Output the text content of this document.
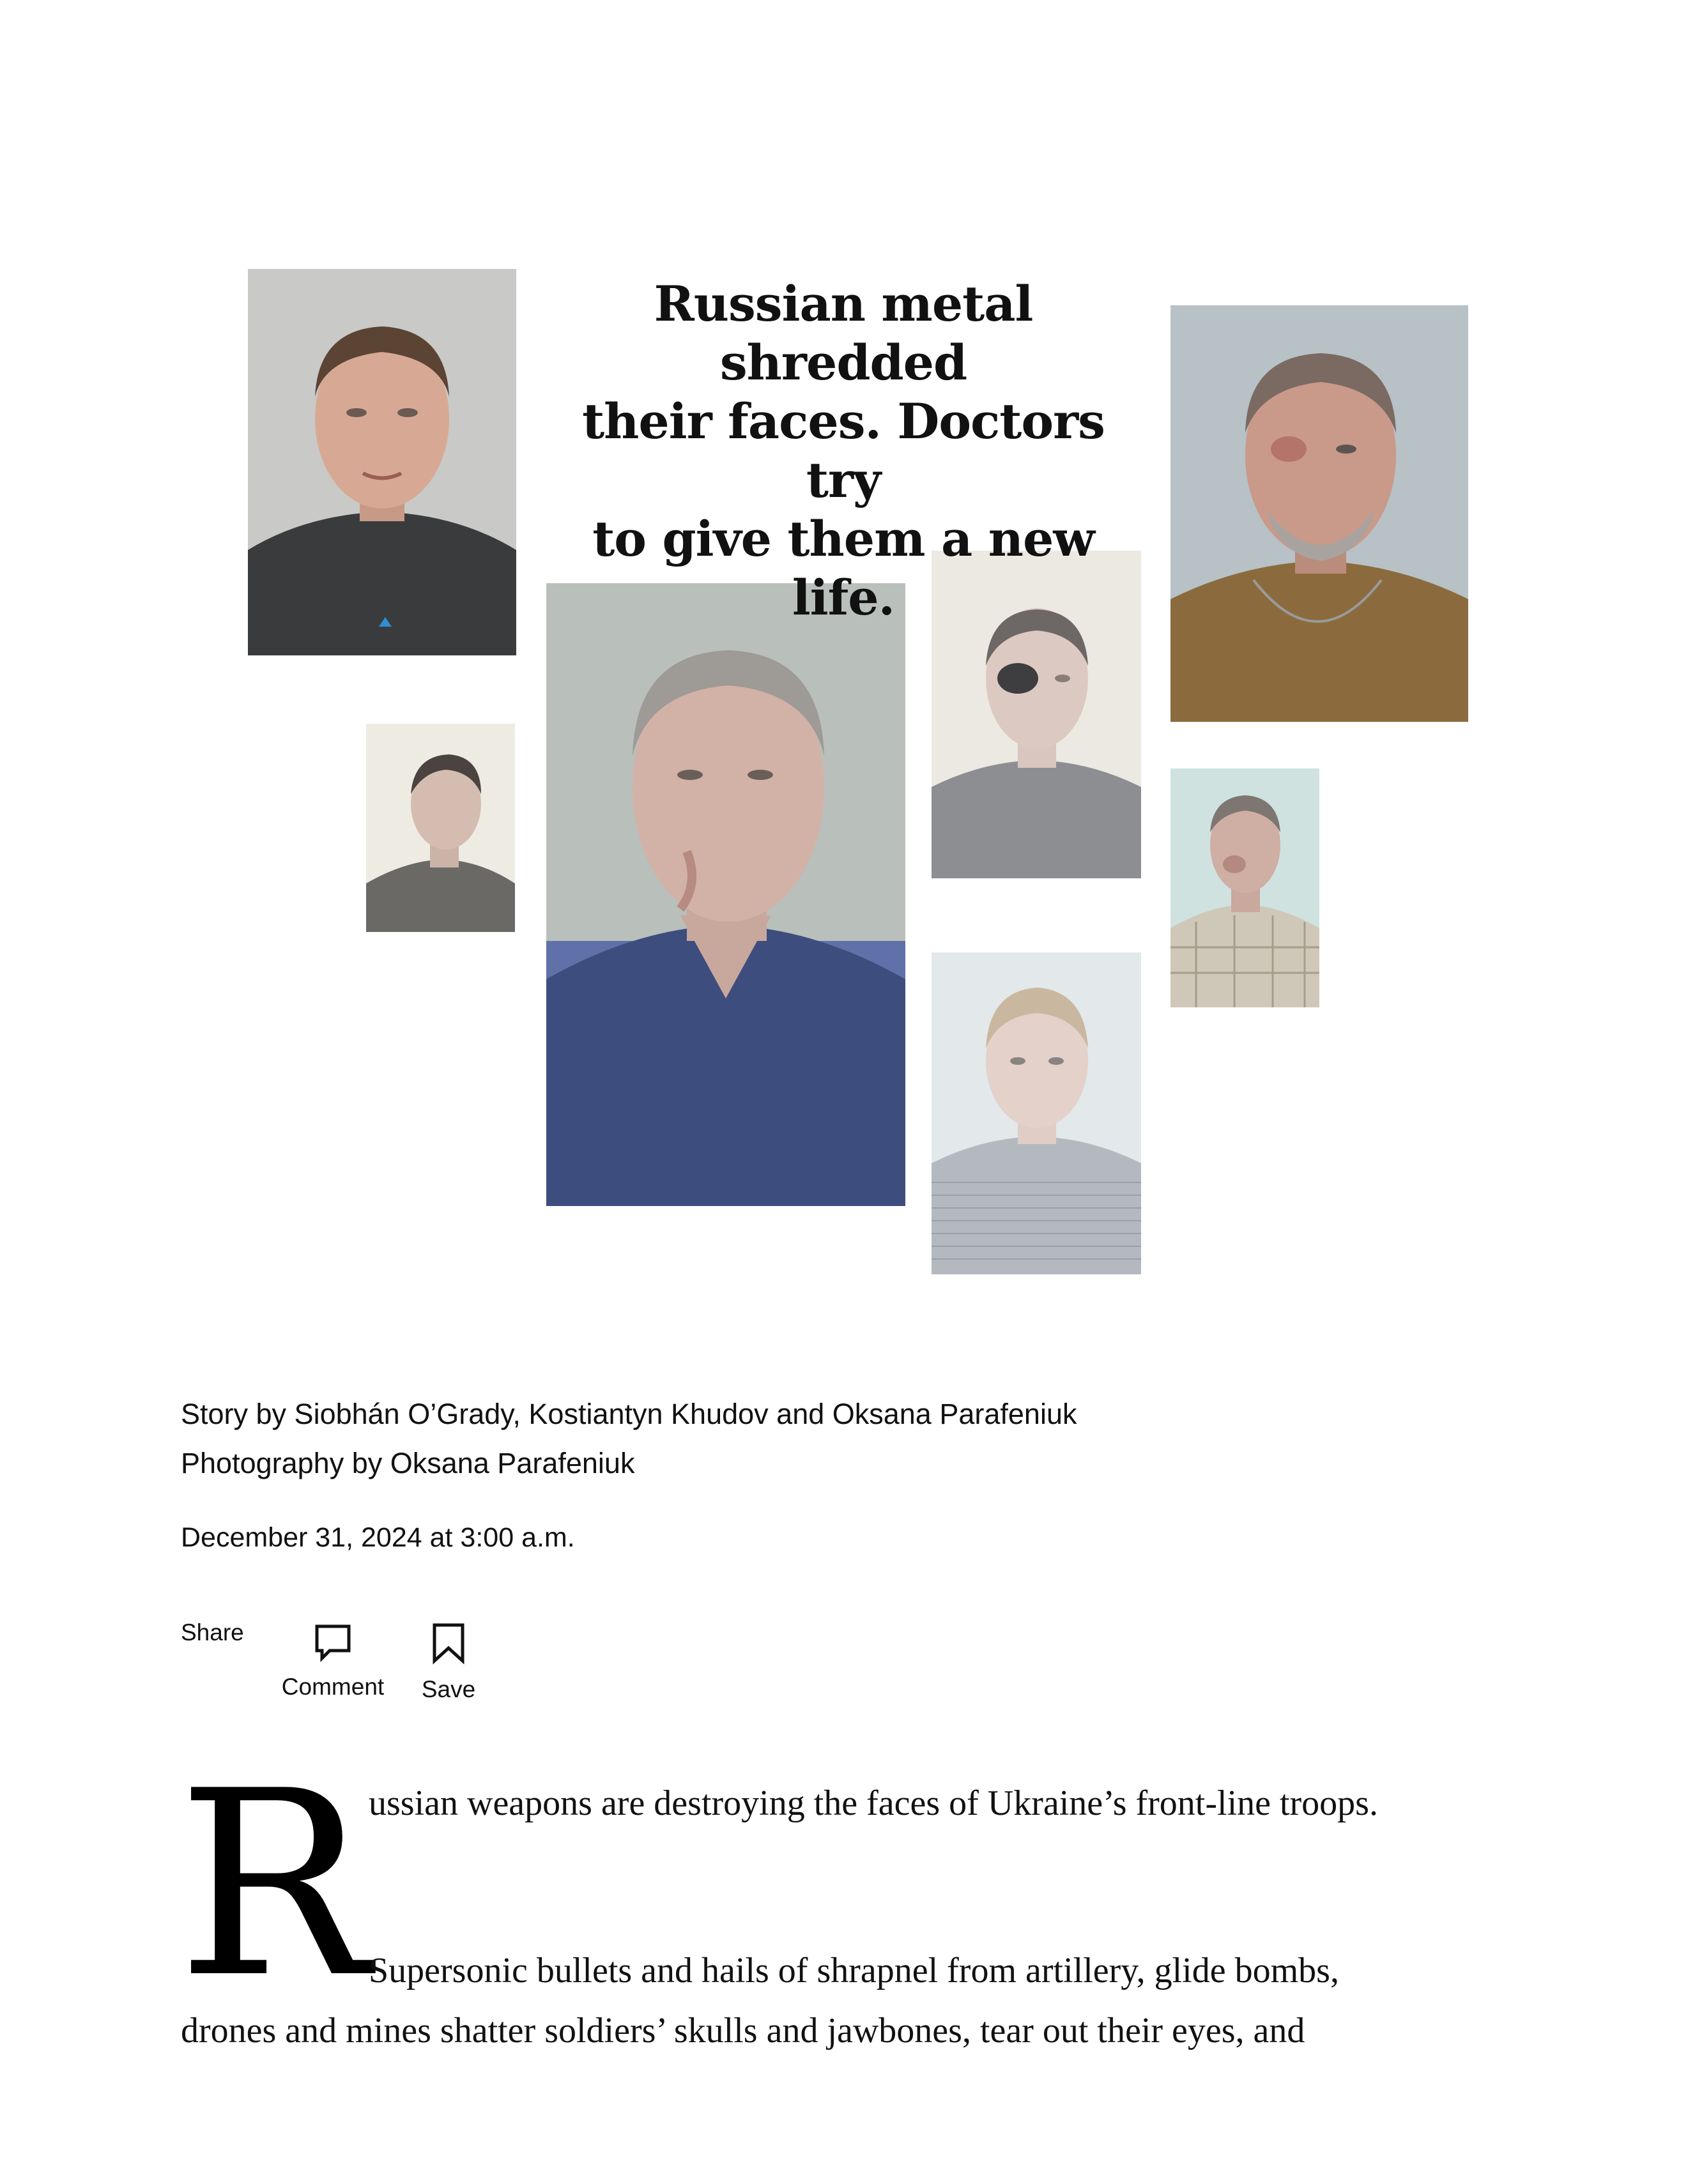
Russian metal shredded
their faces. Doctors try
to give them a new life.
Story by Siobhán O’Grady, Kostiantyn Khudov and Oksana Parafeniuk
Photography by Oksana Parafeniuk
December 31, 2024 at 3:00 a.m.
Share
Comment Save
R

ussian weapons are destroying the faces of Ukraine’s front-line troops.

Supersonic bullets and hails of shrapnel from artillery, glide bombs,

drones and mines shatter soldiers’ skulls and jawbones, tear out their eyes, and
